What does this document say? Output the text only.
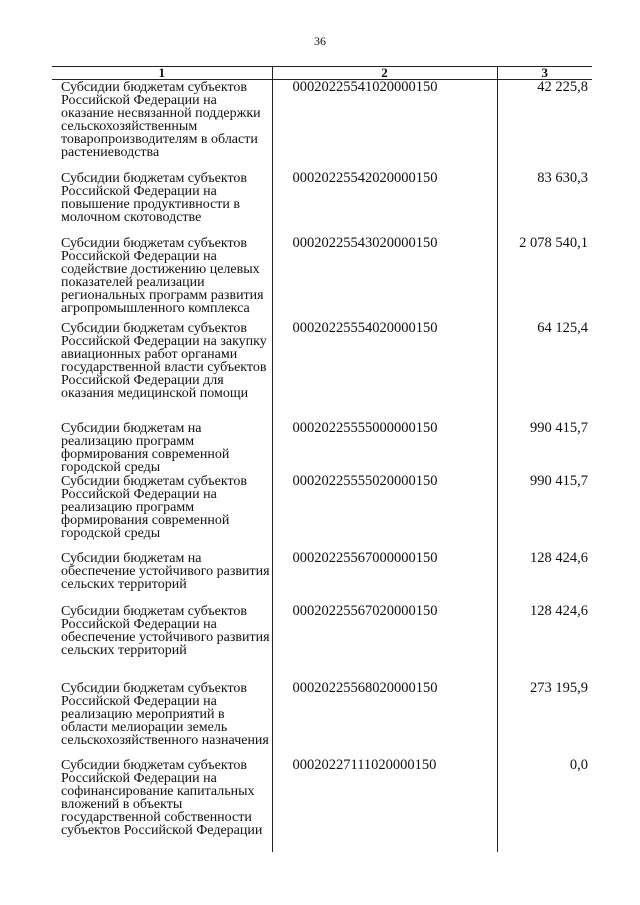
36
1	2	3
Субсидии бюджетам субъектов Российской Федерации на оказание несвязанной поддержки сельскохозяйственным товаропроизводителям в области растениеводства	00020225541020000150	42 225,8
Субсидии бюджетам субъектов Российской Федерации на повышение продуктивности в молочном скотоводстве	00020225542020000150	83 630,3
Субсидии бюджетам субъектов Российской Федерации на содействие достижению целевых показателей реализации региональных программ развития агропромышленного комплекса	00020225543020000150	2 078 540,1
Субсидии бюджетам субъектов Российской Федерации на закупку авиационных работ органами государственной власти субъектов Российской Федерации для оказания медицинской помощи	00020225554020000150	64 125,4
Субсидии бюджетам на реализацию программ формирования современной городской среды	00020225555000000150	990 415,7
Субсидии бюджетам субъектов Российской Федерации на реализацию программ формирования современной городской среды	00020225555020000150	990 415,7
Субсидии бюджетам на обеспечение устойчивого развития сельских территорий	00020225567000000150	128 424,6
Субсидии бюджетам субъектов Российской Федерации на обеспечение устойчивого развития сельских территорий	00020225567020000150	128 424,6
Субсидии бюджетам субъектов Российской Федерации на реализацию мероприятий в области мелиорации земель сельскохозяйственного назначения	00020225568020000150	273 195,9
Субсидии бюджетам субъектов Российской Федерации на софинансирование капитальных вложений в объекты государственной собственности субъектов Российской Федерации	00020227111020000150	0,0
